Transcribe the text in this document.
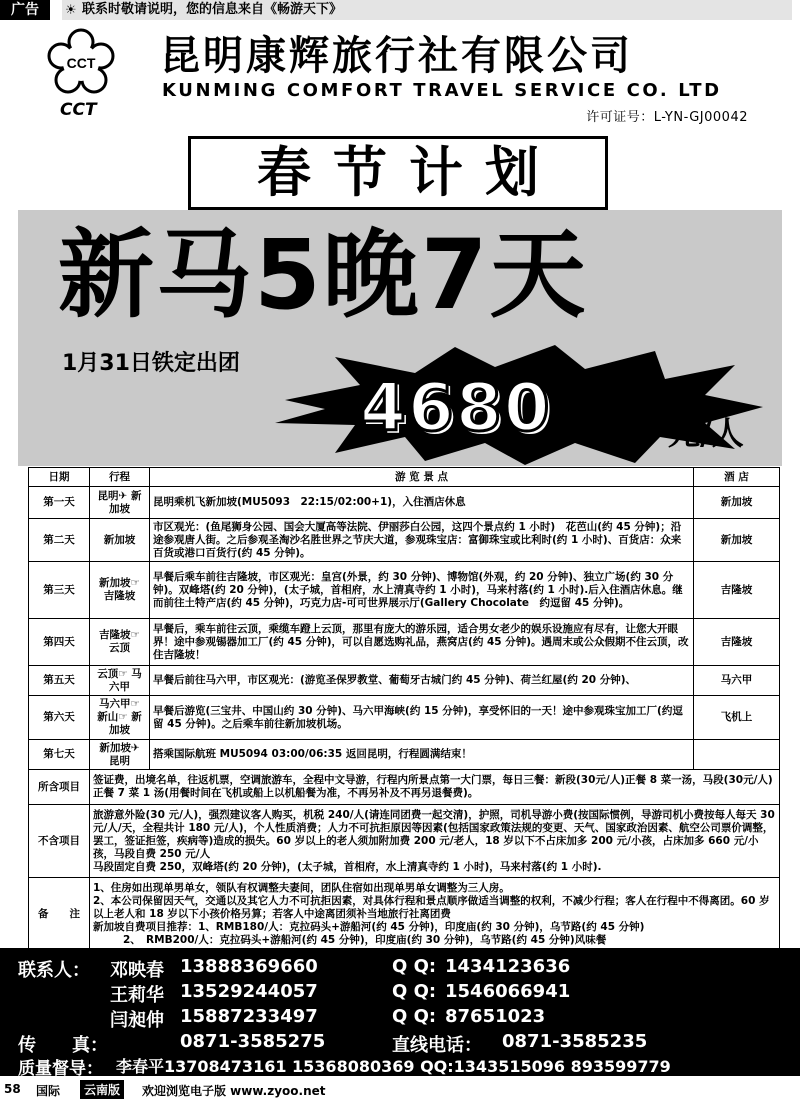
广告	☀ 联系时敬请说明，您的信息来自《畅游天下》
CCT
CCT
昆明康辉旅行社有限公司
KUNMING COMFORT TRAVEL SERVICE CO. LTD
许可证号：L-YN-GJ00042
春节计划
新马5晚7天
1月31日铁定出团
4680	元/人
日期	行程	游 览 景 点	酒 店
第一天	昆明✈ 新加坡	昆明乘机飞新加坡(MU5093　22:15/02:00+1)，入住酒店休息	新加坡
第二天	新加坡	市区观光：(鱼尾狮身公园、国会大厦高等法院、伊丽莎白公园，这四个景点约 1 小时)　花芭山(约 45 分钟)；沿途参观唐人街。之后参观圣淘沙名胜世界之节庆大道，参观珠宝店：富御珠宝或比利时(约 1 小时)、百货店：众来百货或港口百货行(约 45 分钟)。	新加坡
第三天	新加坡☞ 吉隆坡	早餐后乘车前往吉隆坡，市区观光：皇宫(外景，约 30 分钟)、博物馆(外观，约 20 分钟)、独立广场(约 30 分钟)。双峰塔(约 20 分钟)，(太子城，首相府，水上清真寺约 1 小时)，马来村落(约 1 小时).后入住酒店休息。继而前往土特产店(约 45 分钟)，巧克力店-可可世界展示厅(Gallery Chocolate　约逗留 45 分钟)。	吉隆坡
第四天	吉隆坡☞ 云顶	早餐后，乘车前往云顶，乘缆车蹬上云顶，那里有庞大的游乐园，适合男女老少的娱乐设施应有尽有，让您大开眼界！途中参观锡器加工厂(约 45 分钟)，可以自愿选购礼品，燕窝店(约 45 分钟)。遇周末或公众假期不住云顶，改住吉隆坡！	吉隆坡
第五天	云顶☞ 马六甲	早餐后前往马六甲，市区观光：(游览圣保罗教堂、葡萄牙古城门约 45 分钟)、荷兰红屋(约 20 分钟)、	马六甲
第六天	马六甲☞ 新山☞ 新加坡	早餐后游览(三宝井、中国山约 30 分钟)、马六甲海峡(约 15 分钟)，享受怀旧的一天！途中参观珠宝加工厂(约逗留 45 分钟)。之后乘车前往新加坡机场。	飞机上
第七天	新加坡✈ 昆明	搭乘国际航班 MU5094 03:00/06:35 返回昆明，行程圆满结束！	
所含项目	签证费，出境名单，往返机票，空调旅游车，全程中文导游，行程内所景点第一大门票，每日三餐：新段(30元/人)正餐 8 菜一汤，马段(30元/人)正餐 7 菜 1 汤(用餐时间在飞机或船上以机船餐为准，不再另补及不再另退餐费)。		
不含项目	旅游意外险(30 元/人)，强烈建议客人购买，机税 240/人(请连同团费一起交清)，护照，司机导游小费(按国际惯例，导游司机小费按每人每天 30 元/人/天，全程共计 180 元/人)，个人性质消费；人力不可抗拒原因等因素(包括国家政策法规的变更、天气、国家政治因素、航空公司票价调整，罢工，签证拒签，疾病等)造成的损失。60 岁以上的老人须加附加费 200 元/老人，18 岁以下不占床加多 200 元/小孩，占床加多 660 元/小孩，马段自费 250 元/人
马段固定自费 250，双峰塔(约 20 分钟)，(太子城，首相府，水上清真寺约 1 小时)，马来村落(约 1 小时).		

备　　注	1、住房如出现单男单女，领队有权调整夫妻间，团队住宿如出现单男单女调整为三人房。
2、本公司保留因天气，交通以及其它人力不可抗拒因素，对具体行程和景点顺序做适当调整的权利，不减少行程；客人在行程中不得离团。60 岁以上老人和 18 岁以下小孩价格另算；若客人中途离团须补当地旅行社离团费
新加坡自费项目推荐：1、RMB180/人：克拉码头+游船河(约 45 分钟)，印度庙(约 30 分钟)，乌节路(约 45 分钟)
2、　RMB200/人：克拉码头+游船河(约 45 分钟)，印度庙(约 30 分钟)，乌节路(约 45 分钟)风味餐		
联系人： 邓映春 13888369660	Q Q: 1434123636
王莉华 13529244057	Q Q: 1546066941
闫昶伸 15887233497	Q Q: 87651023
传　　真：	0871-3585275	直线电话： 0871-3585235
质量督导： 李春平13708473161 15368080369 QQ:1343515096 893599779
58 国际	云南版	欢迎浏览电子版 www.zyoo.net
